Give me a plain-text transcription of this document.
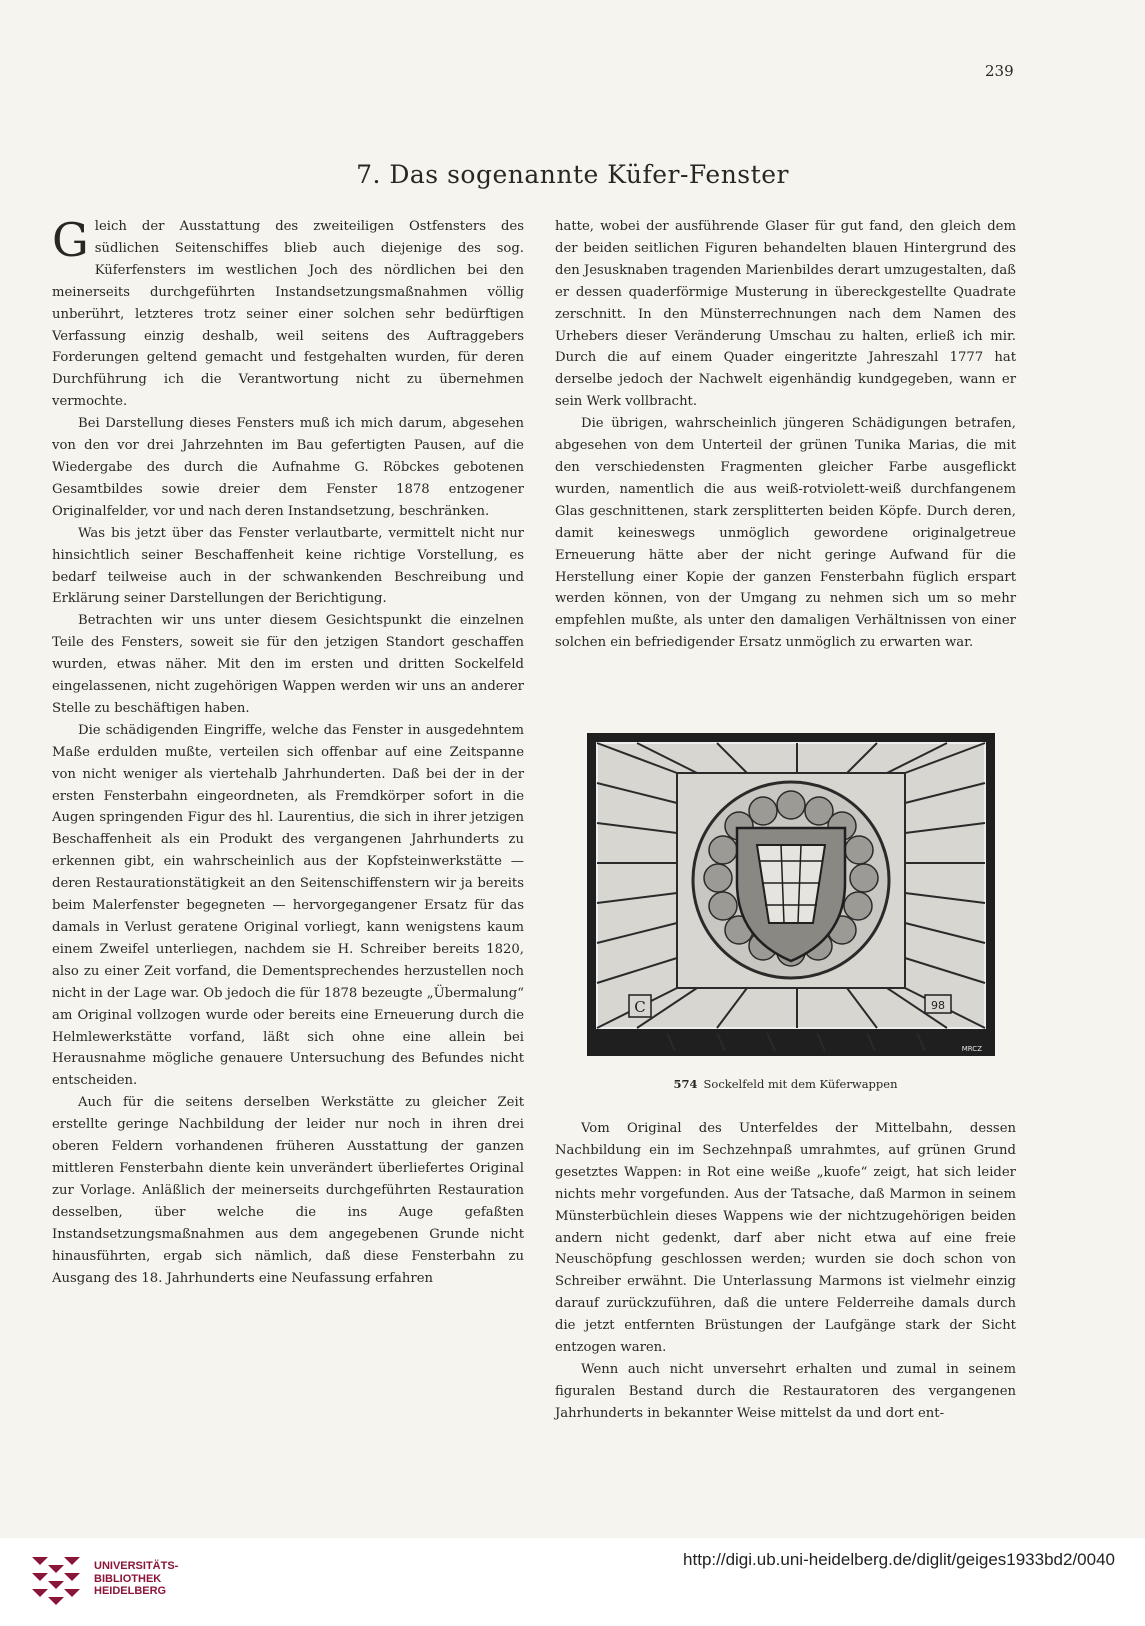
239
7. Das sogenannte Küfer-Fenster

Gleich der Ausstattung des zweiteiligen Ostfensters des südlichen Seitenschiffes blieb auch diejenige des sog. Küferfensters im westlichen Joch des nördlichen bei den meinerseits durchgeführten Instandsetzungsmaßnahmen völlig unberührt, letzteres trotz seiner einer solchen sehr bedürftigen Verfassung einzig deshalb, weil seitens des Auftraggebers Forderungen geltend gemacht und festgehalten wurden, für deren Durchführung ich die Verantwortung nicht zu übernehmen vermochte.

Bei Darstellung dieses Fensters muß ich mich darum, abgesehen von den vor drei Jahrzehnten im Bau gefertigten Pausen, auf die Wiedergabe des durch die Aufnahme G. Röbckes gebotenen Gesamtbildes sowie dreier dem Fenster 1878 entzogener Originalfelder, vor und nach deren Instandsetzung, beschränken.

Was bis jetzt über das Fenster verlautbarte, vermittelt nicht nur hinsichtlich seiner Beschaffenheit keine richtige Vorstellung, es bedarf teilweise auch in der schwankenden Beschreibung und Erklärung seiner Darstellungen der Berichtigung.

Betrachten wir uns unter diesem Gesichtspunkt die einzelnen Teile des Fensters, soweit sie für den jetzigen Standort geschaffen wurden, etwas näher. Mit den im ersten und dritten Sockelfeld eingelassenen, nicht zugehörigen Wappen werden wir uns an anderer Stelle zu beschäftigen haben.

Die schädigenden Eingriffe, welche das Fenster in ausgedehntem Maße erdulden mußte, verteilen sich offenbar auf eine Zeitspanne von nicht weniger als viertehalb Jahrhunderten. Daß bei der in der ersten Fensterbahn eingeordneten, als Fremdkörper sofort in die Augen springenden Figur des hl. Laurentius, die sich in ihrer jetzigen Beschaffenheit als ein Produkt des vergangenen Jahrhunderts zu erkennen gibt, ein wahrscheinlich aus der Kopfsteinwerkstätte — deren Restaurationstätigkeit an den Seitenschiffenstern wir ja bereits beim Malerfenster begegneten — hervorgegangener Ersatz für das damals in Verlust geratene Original vorliegt, kann wenigstens kaum einem Zweifel unterliegen, nachdem sie H. Schreiber bereits 1820, also zu einer Zeit vorfand, die Dementsprechendes herzustellen noch nicht in der Lage war. Ob jedoch die für 1878 bezeugte „Übermalung“ am Original vollzogen wurde oder bereits eine Erneuerung durch die Helmlewerkstätte vorfand, läßt sich ohne eine allein bei Herausnahme mögliche genauere Untersuchung des Befundes nicht entscheiden.

Auch für die seitens derselben Werkstätte zu gleicher Zeit erstellte geringe Nachbildung der leider nur noch in ihren drei oberen Feldern vorhandenen früheren Ausstattung der ganzen mittleren Fensterbahn diente kein unverändert überliefertes Original zur Vorlage. Anläßlich der meinerseits durchgeführten Restauration desselben, über welche die ins Auge gefaßten Instandsetzungsmaßnahmen aus dem angegebenen Grunde nicht hinausführten, ergab sich nämlich, daß diese Fensterbahn zu Ausgang des 18. Jahrhunderts eine Neufassung erfahren

hatte, wobei der ausführende Glaser für gut fand, den gleich dem der beiden seitlichen Figuren behandelten blauen Hintergrund des den Jesusknaben tragenden Marienbildes derart umzugestalten, daß er dessen quaderförmige Musterung in übereckgestellte Quadrate zerschnitt. In den Münsterrechnungen nach dem Namen des Urhebers dieser Veränderung Umschau zu halten, erließ ich mir. Durch die auf einem Quader eingeritzte Jahreszahl 1777 hat derselbe jedoch der Nachwelt eigenhändig kundgegeben, wann er sein Werk vollbracht.

Die übrigen, wahrscheinlich jüngeren Schädigungen betrafen, abgesehen von dem Unterteil der grünen Tunika Marias, die mit den verschiedensten Fragmenten gleicher Farbe ausgeflickt wurden, namentlich die aus weiß-rotviolett-weiß durchfangenem Glas geschnittenen, stark zersplitterten beiden Köpfe. Durch deren, damit keineswegs unmöglich gewordene originalgetreue Erneuerung hätte aber der nicht geringe Aufwand für die Herstellung einer Kopie der ganzen Fensterbahn füglich erspart werden können, von der Umgang zu nehmen sich um so mehr empfehlen mußte, als unter den damaligen Verhältnissen von einer solchen ein befriedigender Ersatz unmöglich zu erwarten war.

C	98
MRCZ
574 Sockelfeld mit dem Küferwappen

Vom Original des Unterfeldes der Mittelbahn, dessen Nachbildung ein im Sechzehnpaß umrahmtes, auf grünen Grund gesetztes Wappen: in Rot eine weiße „kuofe“ zeigt, hat sich leider nichts mehr vorgefunden. Aus der Tatsache, daß Marmon in seinem Münsterbüchlein dieses Wappens wie der nichtzugehörigen beiden andern nicht gedenkt, darf aber nicht etwa auf eine freie Neuschöpfung geschlossen werden; wurden sie doch schon von Schreiber erwähnt. Die Unterlassung Marmons ist vielmehr einzig darauf zurückzuführen, daß die untere Felderreihe damals durch die jetzt entfernten Brüstungen der Laufgänge stark der Sicht entzogen waren.

Wenn auch nicht unversehrt erhalten und zumal in seinem figuralen Bestand durch die Restauratoren des vergangenen Jahrhunderts in bekannter Weise mittelst da und dort ent-

UNIVERSITÄTS-
BIBLIOTHEK
HEIDELBERG
http://digi.ub.uni-heidelberg.de/diglit/geiges1933bd2/0040
